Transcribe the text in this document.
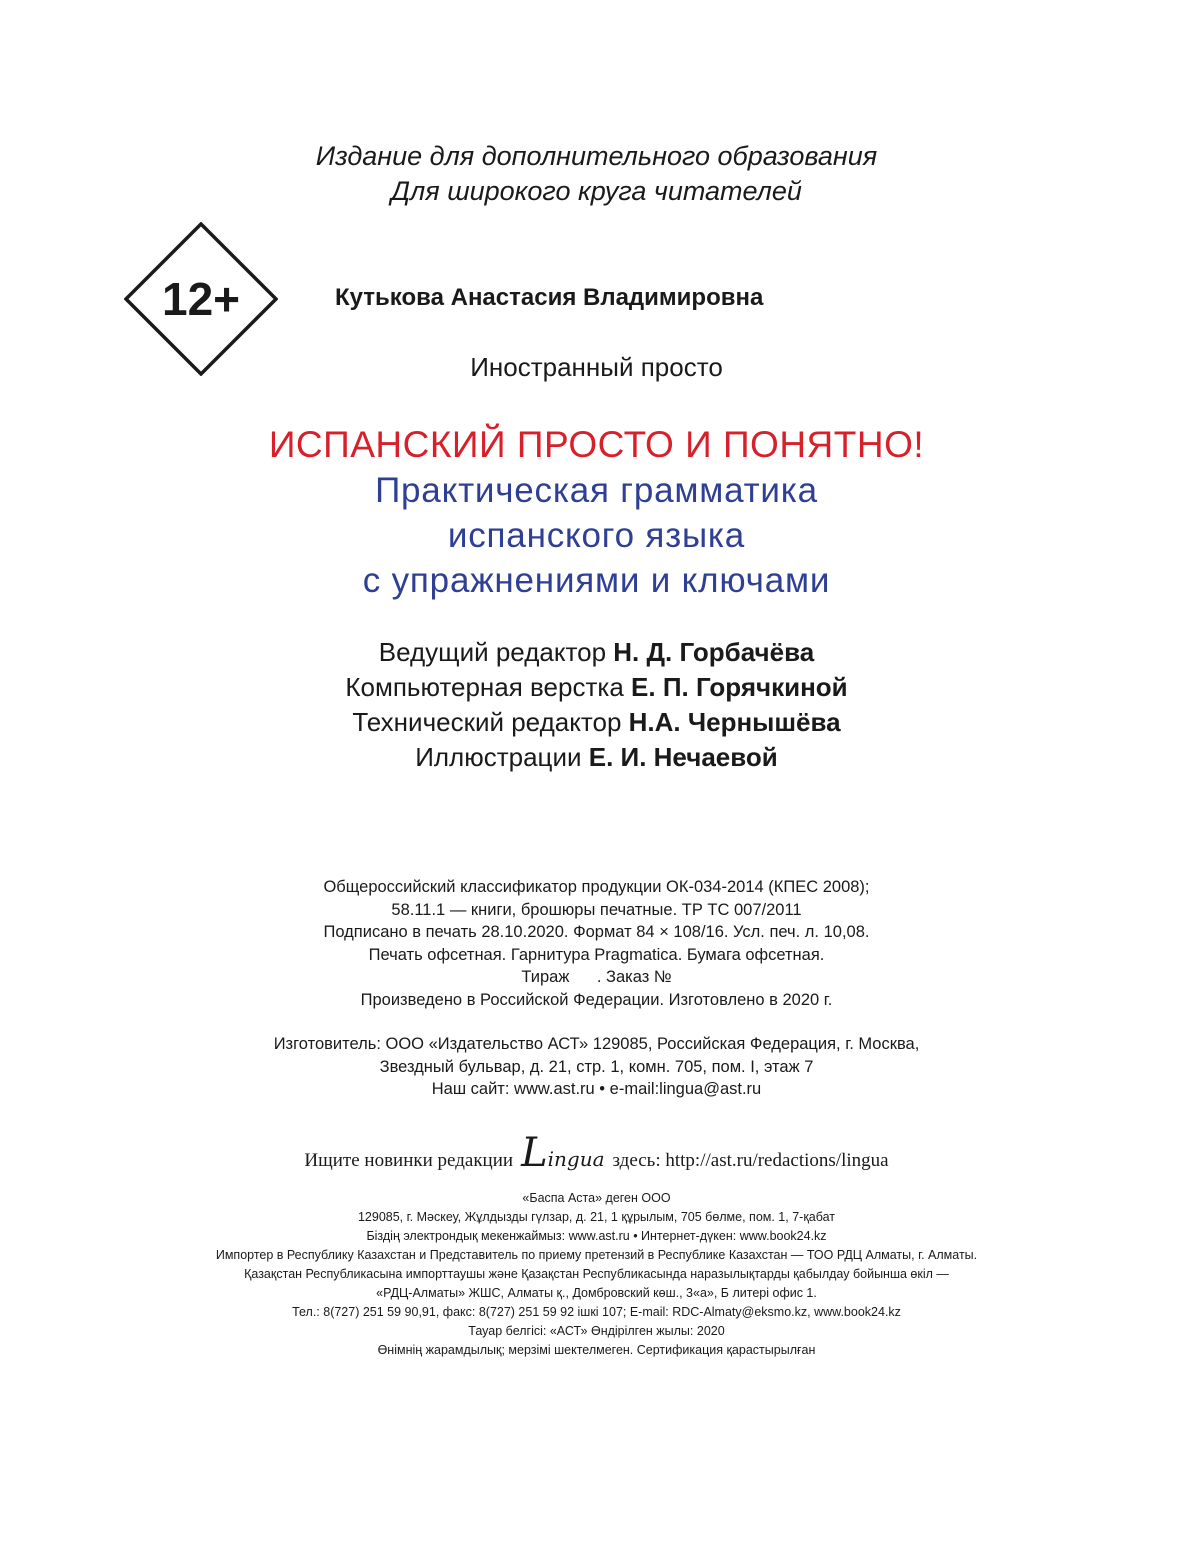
Издание для дополнительного образования
Для широкого круга читателей
12+	Кутькова Анастасия Владимировна
Иностранный просто
ИСПАНСКИЙ ПРОСТО И ПОНЯТНО!
Практическая грамматика
испанского языка
с упражнениями и ключами
Ведущий редактор Н. Д. Горбачёва
Компьютерная верстка Е. П. Горячкиной
Технический редактор Н.А. Чернышёва
Иллюстрации Е. И. Нечаевой
Общероссийский классификатор продукции ОК-034-2014 (КПЕС 2008);
58.11.1 — книги, брошюры печатные. ТР ТС 007/2011
Подписано в печать 28.10.2020. Формат 84 × 108/16. Усл. печ. л. 10,08.
Печать офсетная. Гарнитура Pragmatica. Бумага офсетная.
Тираж      . Заказ №
Произведено в Российской Федерации. Изготовлено в 2020 г.
Изготовитель: ООО «Издательство АСТ» 129085, Российская Федерация, г. Москва,
Звездный бульвар, д. 21, стр. 1, комн. 705, пом. I, этаж 7
Наш сайт: www.ast.ru • e-mail:lingua@ast.ru
Ищите новинки редакции Lingua здесь: http://ast.ru/redactions/lingua
«Баспа Аста» деген ООО
129085, г. Мәскеу, Жұлдызды гүлзар, д. 21, 1 құрылым, 705 бөлме, пом. 1, 7-қабат
Біздің электрондық мекенжаймыз: www.ast.ru • Интернет-дүкен: www.book24.kz
Импортер в Республику Казахстан и Представитель по приему претензий в Республике Казахстан — ТОО РДЦ Алматы, г. Алматы.
Қазақстан Республикасына импорттаушы және Қазақстан Республикасында наразылықтарды қабылдау бойынша өкіл —
«РДЦ-Алматы» ЖШС, Алматы қ., Домбровский көш., 3«а», Б литері офис 1.
Тел.: 8(727) 251 59 90,91, факс: 8(727) 251 59 92 ішкі 107; E-mail: RDC-Almaty@eksmo.kz, www.book24.kz
Тауар белгісі: «АСТ» Өндірілген жылы: 2020
Өнімнің жарамдылық; мерзімі шектелмеген. Сертификация қарастырылған
